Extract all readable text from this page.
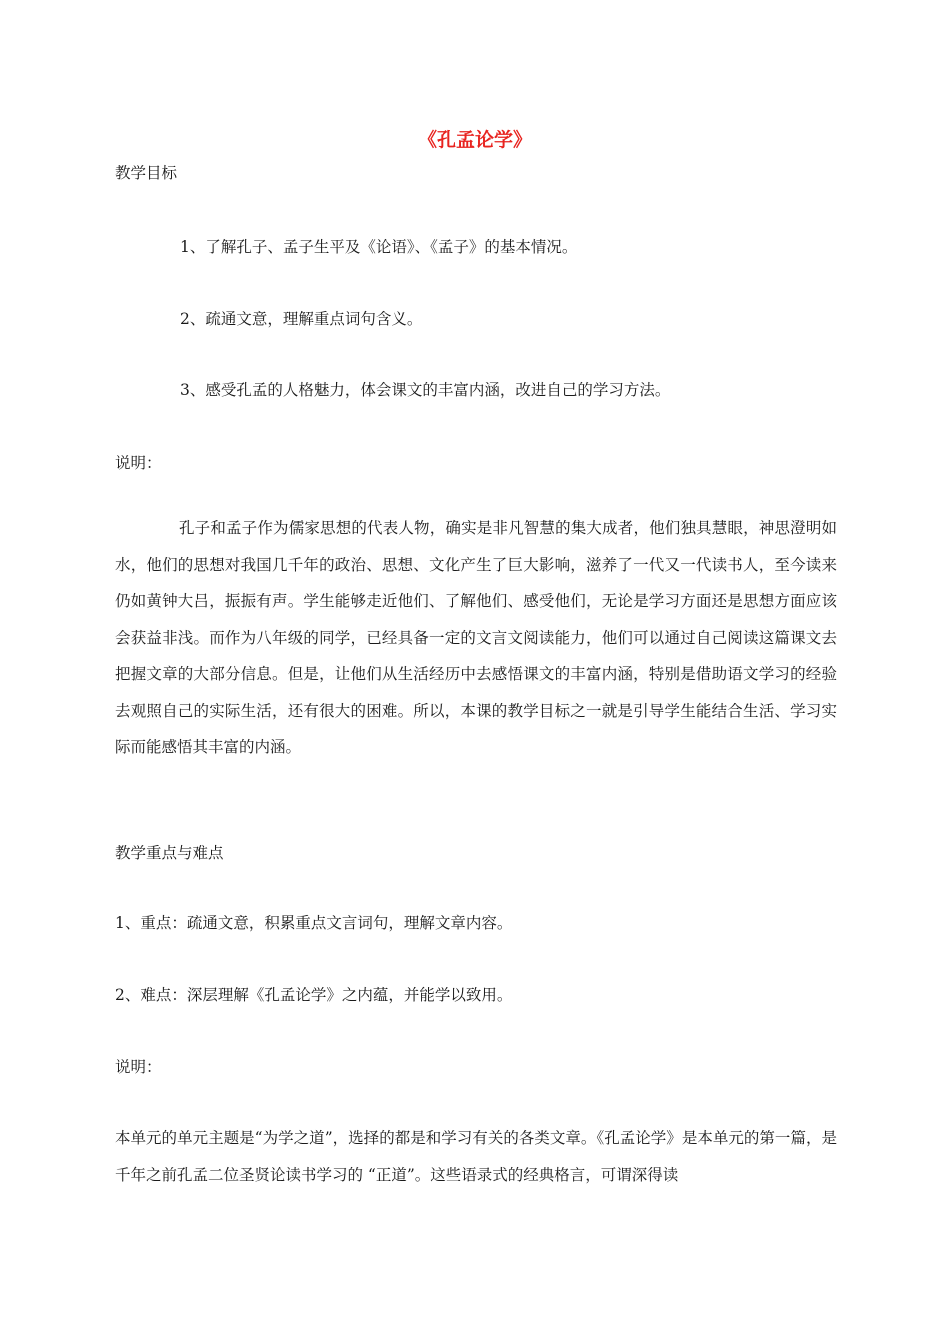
《孔孟论学》
教学目标
1、了解孔子、孟子生平及《论语》、《孟子》的基本情况。
2、疏通文意，理解重点词句含义。
3、感受孔孟的人格魅力，体会课文的丰富内涵，改进自己的学习方法。
说明：
孔子和孟子作为儒家思想的代表人物，确实是非凡智慧的集大成者，他们独具慧眼，神思澄明如水，他们的思想对我国几千年的政治、思想、文化产生了巨大影响，滋养了一代又一代读书人，至今读来仍如黄钟大吕，振振有声。学生能够走近他们、了解他们、感受他们，无论是学习方面还是思想方面应该会获益非浅。而作为八年级的同学，已经具备一定的文言文阅读能力，他们可以通过自己阅读这篇课文去把握文章的大部分信息。但是，让他们从生活经历中去感悟课文的丰富内涵，特别是借助语文学习的经验去观照自己的实际生活，还有很大的困难。所以，本课的教学目标之一就是引导学生能结合生活、学习实际而能感悟其丰富的内涵。
教学重点与难点
1、重点：疏通文意，积累重点文言词句，理解文章内容。
2、难点：深层理解《孔孟论学》之内蕴，并能学以致用。
说明：
本单元的单元主题是“为学之道”，选择的都是和学习有关的各类文章。《孔孟论学》是本单元的第一篇，是千年之前孔孟二位圣贤论读书学习的 “正道”。这些语录式的经典格言，可谓深得读
